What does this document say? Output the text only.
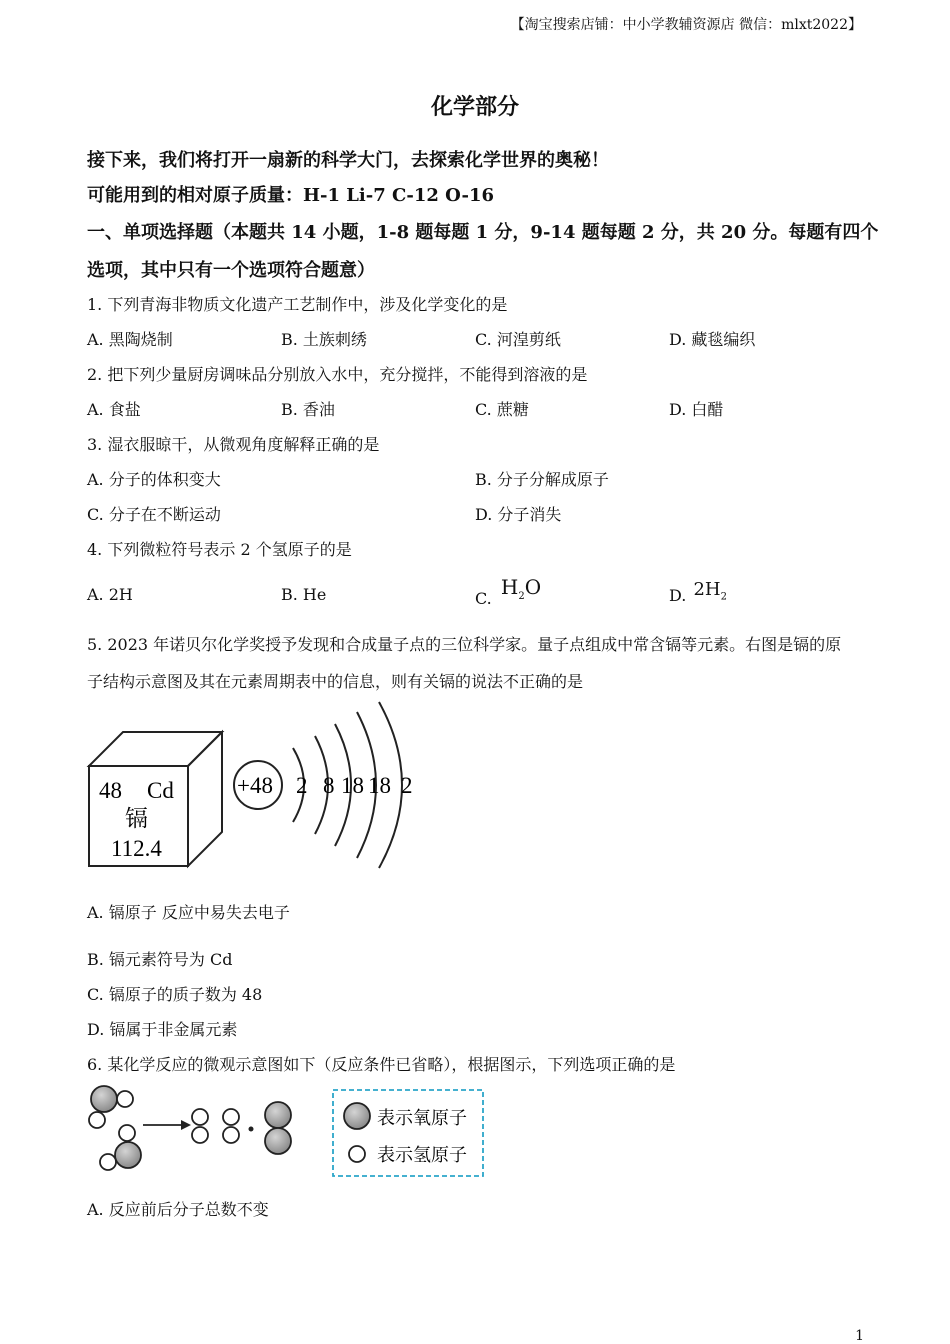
【淘宝搜索店铺：中小学教辅资源店 微信：mlxt2022】
化学部分
接下来，我们将打开一扇新的科学大门，去探索化学世界的奥秘！
可能用到的相对原子质量：H-1 Li-7 C-12 O-16
一、单项选择题（本题共 14 小题，1-8 题每题 1 分，9-14 题每题 2 分，共 20 分。每题有四个
选项，其中只有一个选项符合题意）
1. 下列青海非物质文化遗产工艺制作中，涉及化学变化的是
A. 黑陶烧制	B. 土族刺绣	C. 河湟剪纸	D. 藏毯编织
2. 把下列少量厨房调味品分别放入水中，充分搅拌，不能得到溶液的是
A. 食盐	B. 香油	C. 蔗糖	D. 白醋
3. 湿衣服晾干，从微观角度解释正确的是
A. 分子的体积变大	B. 分子分解成原子
C. 分子在不断运动	D. 分子消失
4. 下列微粒符号表示 2 个氢原子的是
A. 2H	B. He	C. $H_2O$	D. $2H_2$
5. 2023 年诺贝尔化学奖授予发现和合成量子点的三位科学家。量子点组成中常含镉等元素。右图是镉的原
子结构示意图及其在元素周期表中的信息，则有关镉的说法不正确的是
48 Cd
镉
112.4
+48 2 8 18 18 2
A. 镉原子 反应中易失去电子
B. 镉元素符号为 Cd
C. 镉原子的质子数为 48
D. 镉属于非金属元素
6. 某化学反应的微观示意图如下（反应条件已省略），根据图示，下列选项正确的是
表示氧原子
表示氢原子
A. 反应前后分子总数不变
1
